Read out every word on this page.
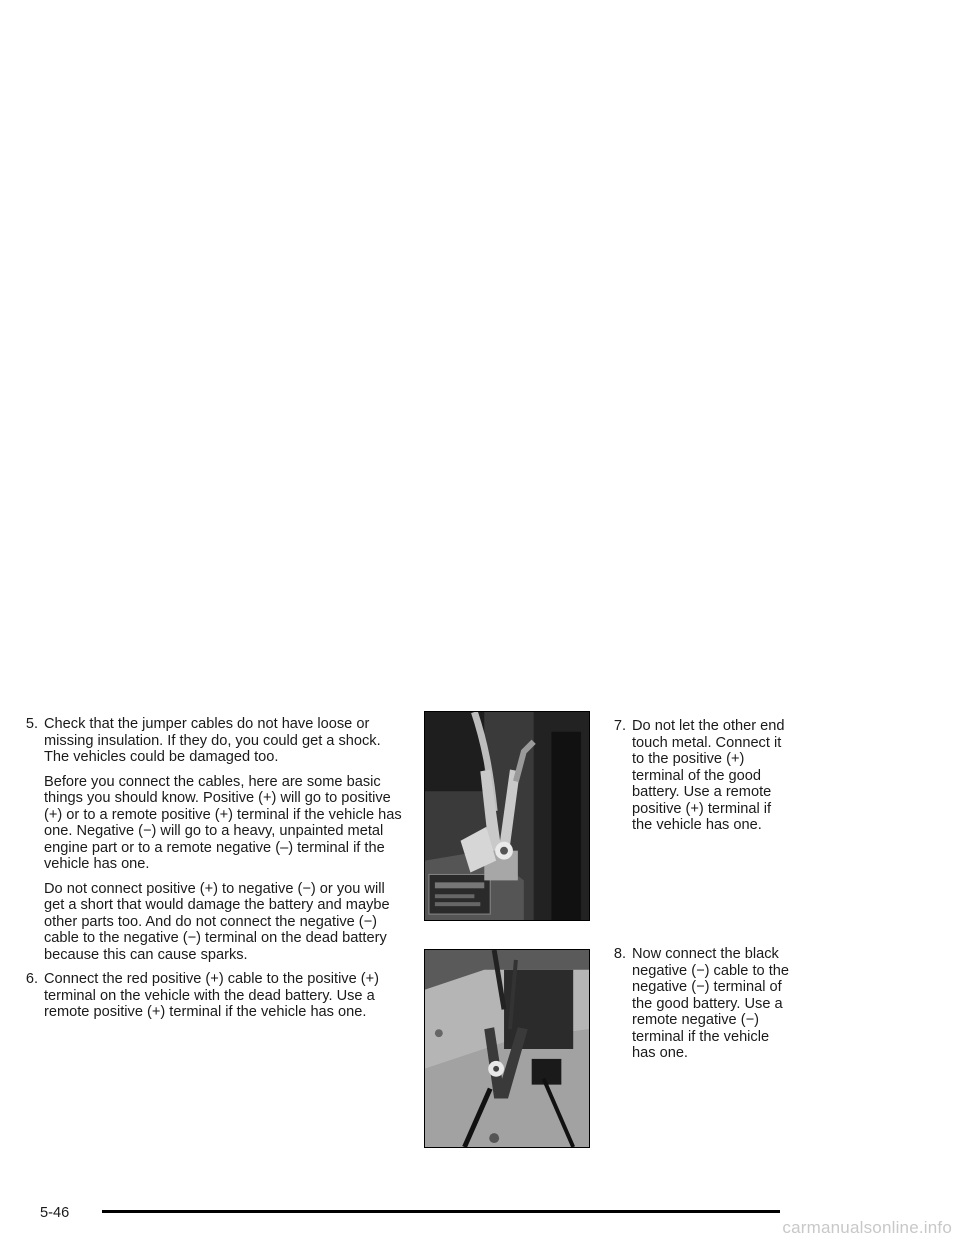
5. Check that the jumper cables do not have loose or missing insulation. If they do, you could get a shock. The vehicles could be damaged too.

Before you connect the cables, here are some basic things you should know. Positive (+) will go to positive (+) or to a remote positive (+) terminal if the vehicle has one. Negative (−) will go to a heavy, unpainted metal engine part or to a remote negative (–) terminal if the vehicle has one.

Do not connect positive (+) to negative (−) or you will get a short that would damage the battery and maybe other parts too. And do not connect the negative (−) cable to the negative (−) terminal on the dead battery because this can cause sparks.

6. Connect the red positive (+) cable to the positive (+) terminal on the vehicle with the dead battery. Use a remote positive (+) terminal if the vehicle has one.

7. Do not let the other end touch metal. Connect it to the positive (+) terminal of the good battery. Use a remote positive (+) terminal if the vehicle has one.

8. Now connect the black negative (−) cable to the negative (−) terminal of the good battery. Use a remote negative (−) terminal if the vehicle has one.

5-46
carmanualsonline.info
